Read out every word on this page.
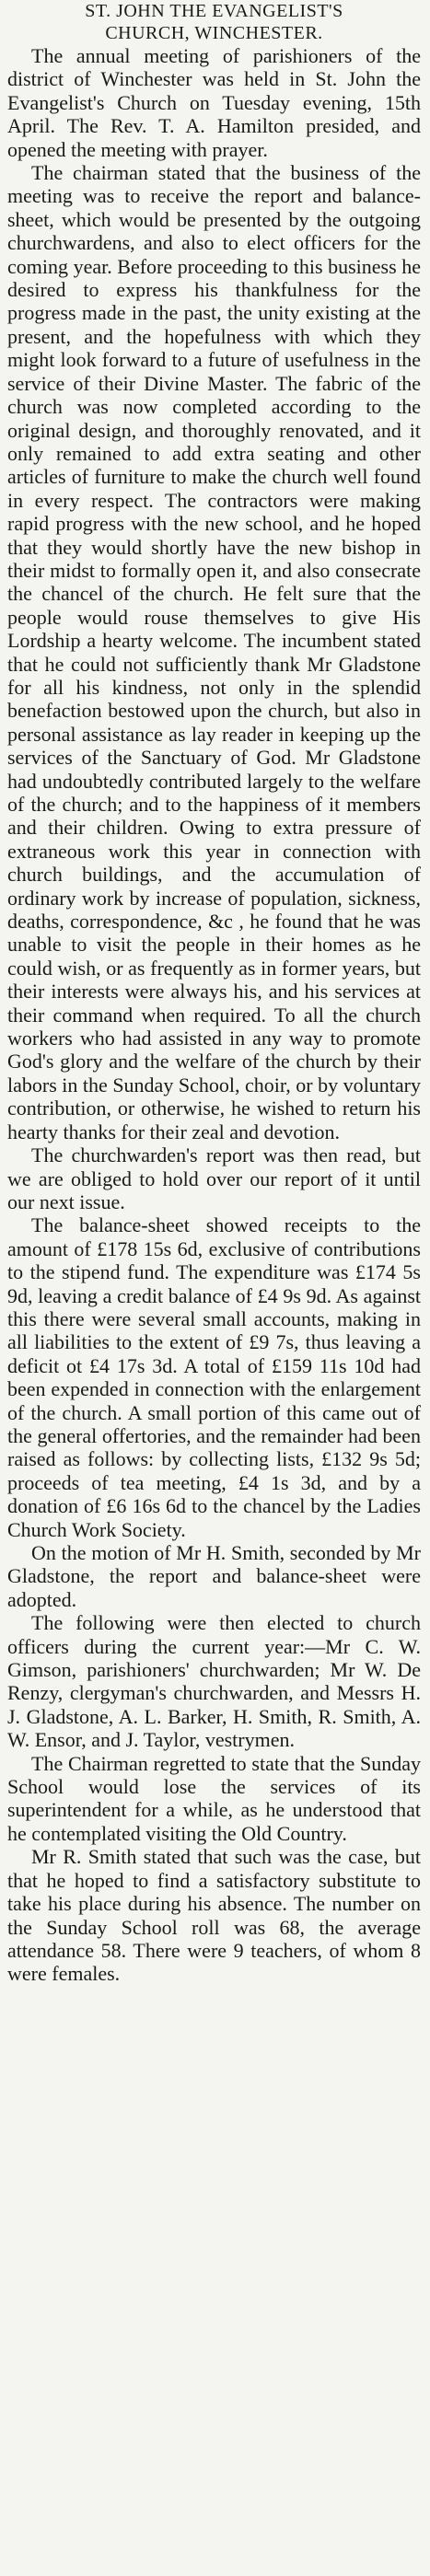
ST. JOHN THE EVANGELIST'S
CHURCH, WINCHESTER.

The annual meeting of parishioners of the district of Winchester was held in St. John the Evangelist's Church on Tuesday evening, 15th April. The Rev. T. A. Hamilton presided, and opened the meeting with prayer.

The chairman stated that the business of the meeting was to receive the report and balance-sheet, which would be presented by the outgoing churchwardens, and also to elect officers for the coming year. Before proceeding to this business he desired to express his thankfulness for the progress made in the past, the unity existing at the present, and the hopefulness with which they might look forward to a future of usefulness in the service of their Divine Master. The fabric of the church was now completed according to the original design, and thoroughly renovated, and it only remained to add extra seating and other articles of furniture to make the church well found in every respect. The contractors were making rapid progress with the new school, and he hoped that they would shortly have the new bishop in their midst to formally open it, and also consecrate the chancel of the church. He felt sure that the people would rouse themselves to give His Lordship a hearty welcome. The incumbent stated that he could not sufficiently thank Mr Gladstone for all his kindness, not only in the splendid benefaction bestowed upon the church, but also in personal assistance as lay reader in keeping up the services of the Sanctuary of God. Mr Gladstone had undoubtedly contributed largely to the welfare of the church; and to the happiness of it members and their children. Owing to extra pressure of extraneous work this year in connection with church buildings, and the accumulation of ordinary work by increase of population, sickness, deaths, correspondence, &c , he found that he was unable to visit the people in their homes as he could wish, or as frequently as in former years, but their interests were always his, and his services at their command when required. To all the church workers who had assisted in any way to promote God's glory and the welfare of the church by their labors in the Sunday School, choir, or by voluntary contribution, or otherwise, he wished to return his hearty thanks for their zeal and devotion.

The churchwarden's report was then read, but we are obliged to hold over our report of it until our next issue.

The balance-sheet showed receipts to the amount of £178 15s 6d, exclusive of contributions to the stipend fund. The expenditure was £174 5s 9d, leaving a credit balance of £4 9s 9d. As against this there were several small accounts, making in all liabilities to the extent of £9 7s, thus leaving a deficit ot £4 17s 3d. A total of £159 11s 10d had been expended in connection with the enlargement of the church. A small portion of this came out of the general offertories, and the remainder had been raised as follows: by collecting lists, £132 9s 5d; proceeds of tea meeting, £4 1s 3d, and by a donation of £6 16s 6d to the chancel by the Ladies Church Work Society.

On the motion of Mr H. Smith, seconded by Mr Gladstone, the report and balance-sheet were adopted.

The following were then elected to church officers during the current year:—Mr C. W. Gimson, parishioners' churchwarden; Mr W. De Renzy, clergyman's churchwarden, and Messrs H. J. Gladstone, A. L. Barker, H. Smith, R. Smith, A. W. Ensor, and J. Taylor, vestrymen.

The Chairman regretted to state that the Sunday School would lose the services of its superintendent for a while, as he understood that he contemplated visiting the Old Country.

Mr R. Smith stated that such was the case, but that he hoped to find a satisfactory substitute to take his place during his absence. The number on the Sunday School roll was 68, the average attendance 58. There were 9 teachers, of whom 8 were females.
